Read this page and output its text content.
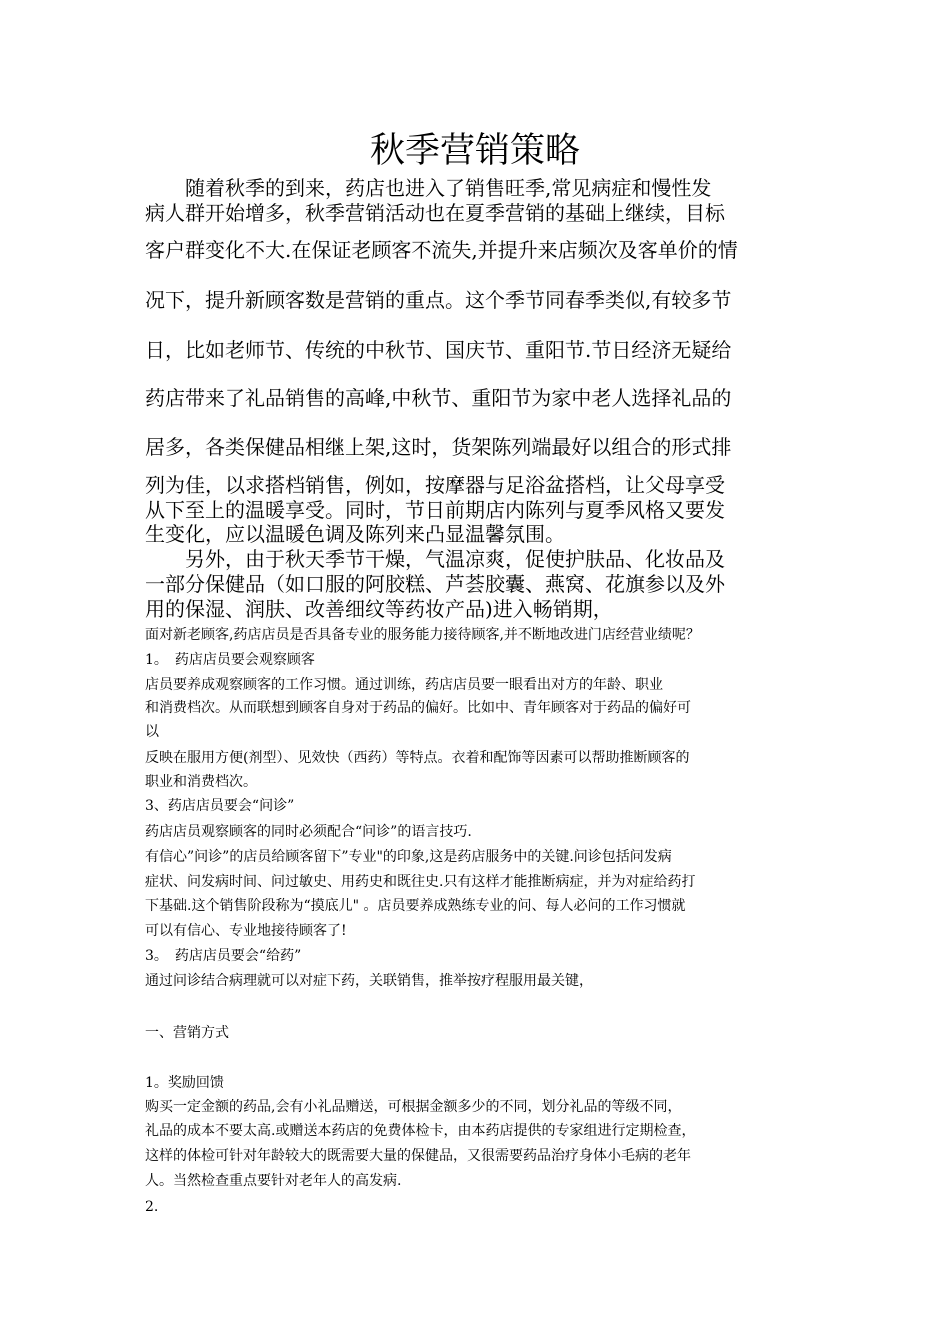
秋季营销策略
　　随着秋季的到来，药店也进入了销售旺季,常见病症和慢性发
病人群开始增多，秋季营销活动也在夏季营销的基础上继续，目标
客户群变化不大.在保证老顾客不流失,并提升来店频次及客单价的情
况下，提升新顾客数是营销的重点。这个季节同春季类似,有较多节
日，比如老师节、传统的中秋节、国庆节、重阳节.节日经济无疑给
药店带来了礼品销售的高峰,中秋节、重阳节为家中老人选择礼品的
居多，各类保健品相继上架,这时，货架陈列端最好以组合的形式排
列为佳，以求搭档销售，例如，按摩器与足浴盆搭档，让父母享受
从下至上的温暖享受。同时，节日前期店内陈列与夏季风格又要发
生变化，应以温暖色调及陈列来凸显温馨氛围。
　　另外，由于秋天季节干燥，气温凉爽，促使护肤品、化妆品及
一部分保健品（如口服的阿胶糕、芦荟胶囊、燕窝、花旗参以及外
用的保湿、润肤、改善细纹等药妆产品)进入畅销期，
面对新老顾客,药店店员是否具备专业的服务能力接待顾客,并不断地改进门店经营业绩呢？
1。　药店店员要会观察顾客
店员要养成观察顾客的工作习惯。通过训练，药店店员要一眼看出对方的年龄、职业
和消费档次。从而联想到顾客自身对于药品的偏好。比如中、青年顾客对于药品的偏好可
以
反映在服用方便(剂型）、见效快（西药）等特点。衣着和配饰等因素可以帮助推断顾客的
职业和消费档次。
3、药店店员要会“问诊”
药店店员观察顾客的同时必须配合“问诊”的语言技巧.
有信心”问诊”的店员给顾客留下”专业"的印象,这是药店服务中的关键.问诊包括问发病
症状、问发病时间、问过敏史、用药史和既往史.只有这样才能推断病症，并为对症给药打
下基础.这个销售阶段称为“摸底儿" 。店员要养成熟练专业的问、每人必问的工作习惯就
可以有信心、专业地接待顾客了!
3。　药店店员要会“给药”
通过问诊结合病理就可以对症下药，关联销售，推举按疗程服用最关键，
一、营销方式
1。奖励回馈
购买一定金额的药品,会有小礼品赠送，可根据金额多少的不同，划分礼品的等级不同，
礼品的成本不要太高.或赠送本药店的免费体检卡，由本药店提供的专家组进行定期检查，
这样的体检可针对年龄较大的既需要大量的保健品，又很需要药品治疗身体小毛病的老年
人。当然检查重点要针对老年人的高发病.
2.
